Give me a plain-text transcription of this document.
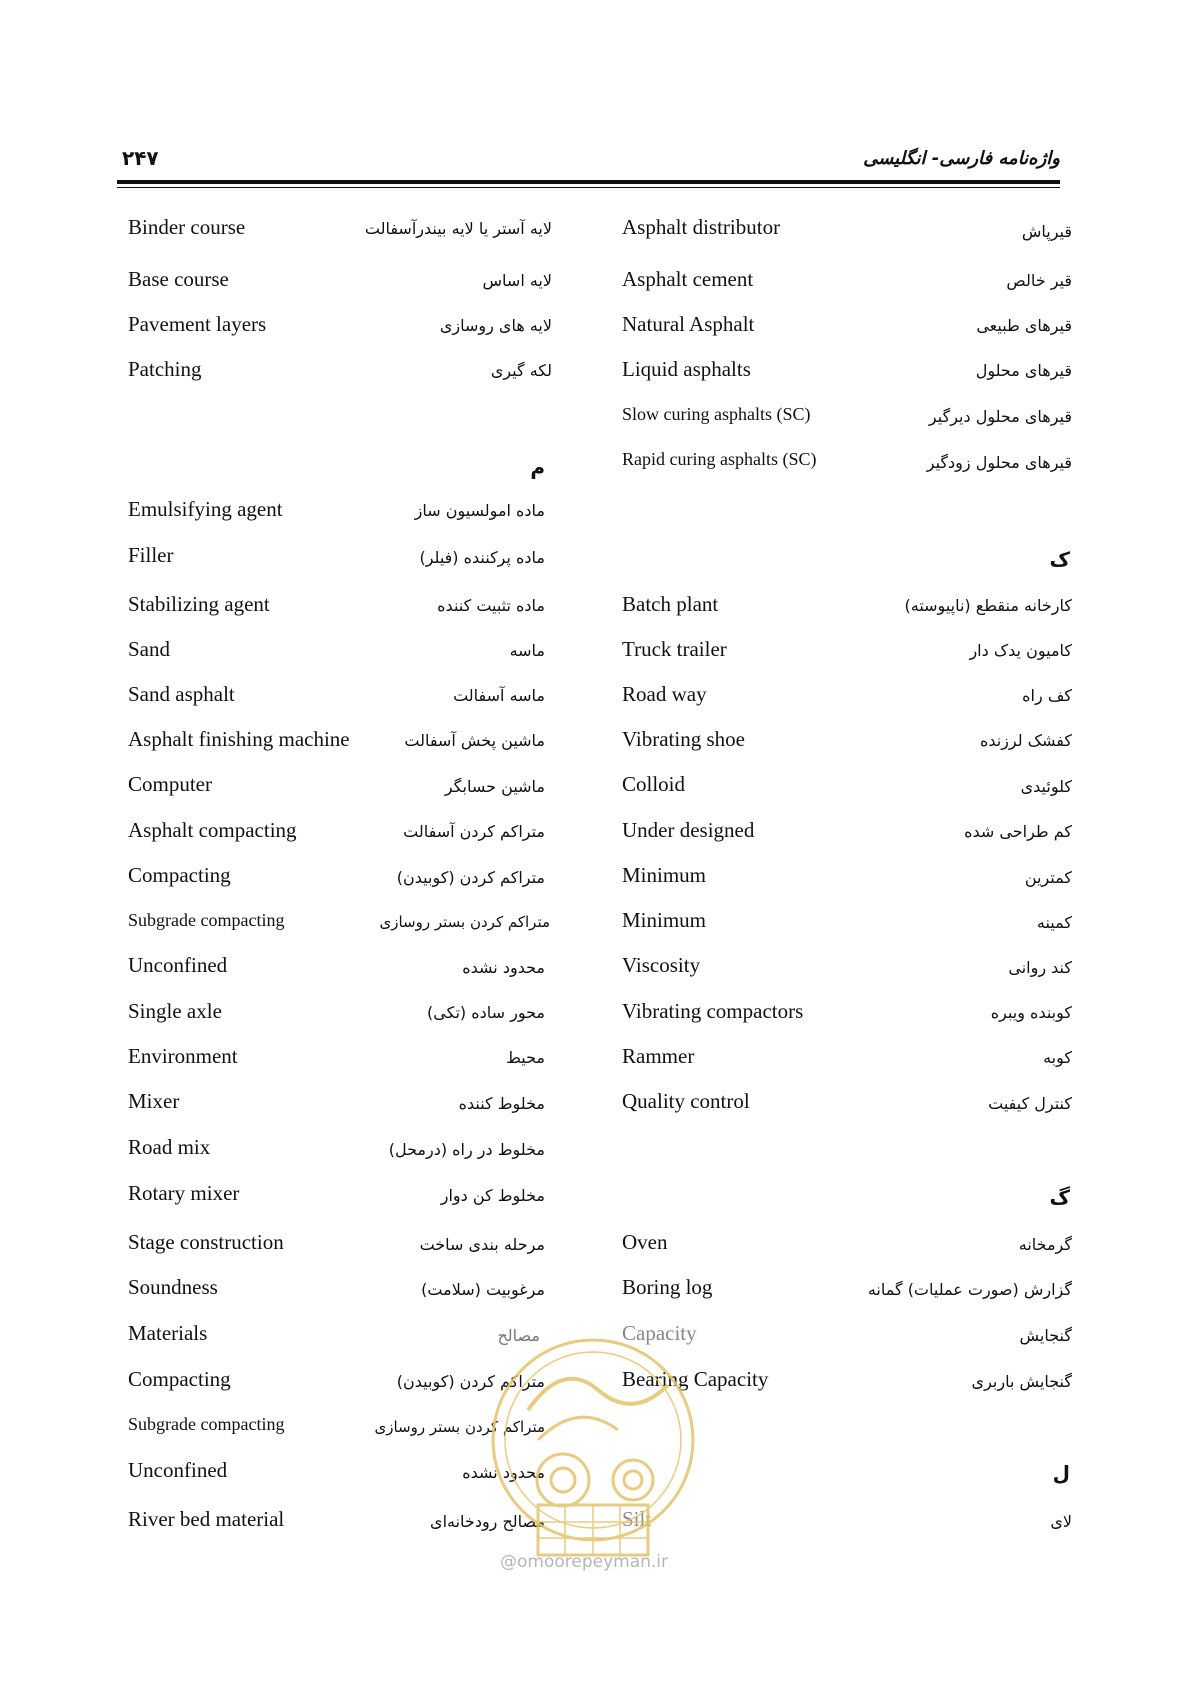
۲۴۷	واژه‌نامه فارسی- انگلیسی
Binder course	لایه آستر یا لایه بیندرآسفالت
Base course	لایه اساس
Pavement layers	لایه های روسازی
Patching	لکه گیری
م
Emulsifying agent	ماده امولسیون ساز
Filler	ماده پرکننده (فیلر)
Stabilizing agent	ماده تثبیت کننده
Sand	ماسه
Sand asphalt	ماسه آسفالت
Asphalt finishing machine	ماشین پخش آسفالت
Computer	ماشین حسابگر
Asphalt compacting	متراکم کردن آسفالت
Compacting	متراکم کردن (کوبیدن)
Subgrade compacting	متراکم کردن بستر روسازی
Unconfined	محدود نشده
Single axle	محور ساده (تکی)
Environment	محیط
Mixer	مخلوط کننده
Road mix	مخلوط در راه (درمحل)
Rotary mixer	مخلوط کن دوار
Stage construction	مرحله بندی ساخت
Soundness	مرغوبیت (سلامت)
Materials	مصالح
Compacting	متراکم کردن (کوبیدن)
Subgrade compacting	متراکم کردن بستر روسازی
Unconfined	محدود نشده
River bed material	مصالح رودخانه‌ای
Asphalt distributor	قیرپاش
Asphalt cement	قیر خالص
Natural Asphalt	قیرهای طبیعی
Liquid asphalts	قیرهای محلول
Slow curing asphalts (SC)	قیرهای محلول دیرگیر
Rapid curing asphalts (SC)	قیرهای محلول زودگیر
ک
Batch plant	کارخانه منقطع (ناپیوسته)
Truck trailer	کامیون یدک دار
Road way	کف راه
Vibrating shoe	کفشک لرزنده
Colloid	کلوئیدی
Under designed	کم طراحی شده
Minimum	کمترین
Minimum	کمینه
Viscosity	کند روانی
Vibrating compactors	کوبنده ویبره
Rammer	کوبه
Quality control	کنترل کیفیت
گ
Oven	گرمخانه
Boring log	گزارش (صورت عملیات) گمانه
Capacity	گنجایش
Bearing Capacity	گنجایش باربری
ل
Silt	لای
@omoorepeyman.ir
